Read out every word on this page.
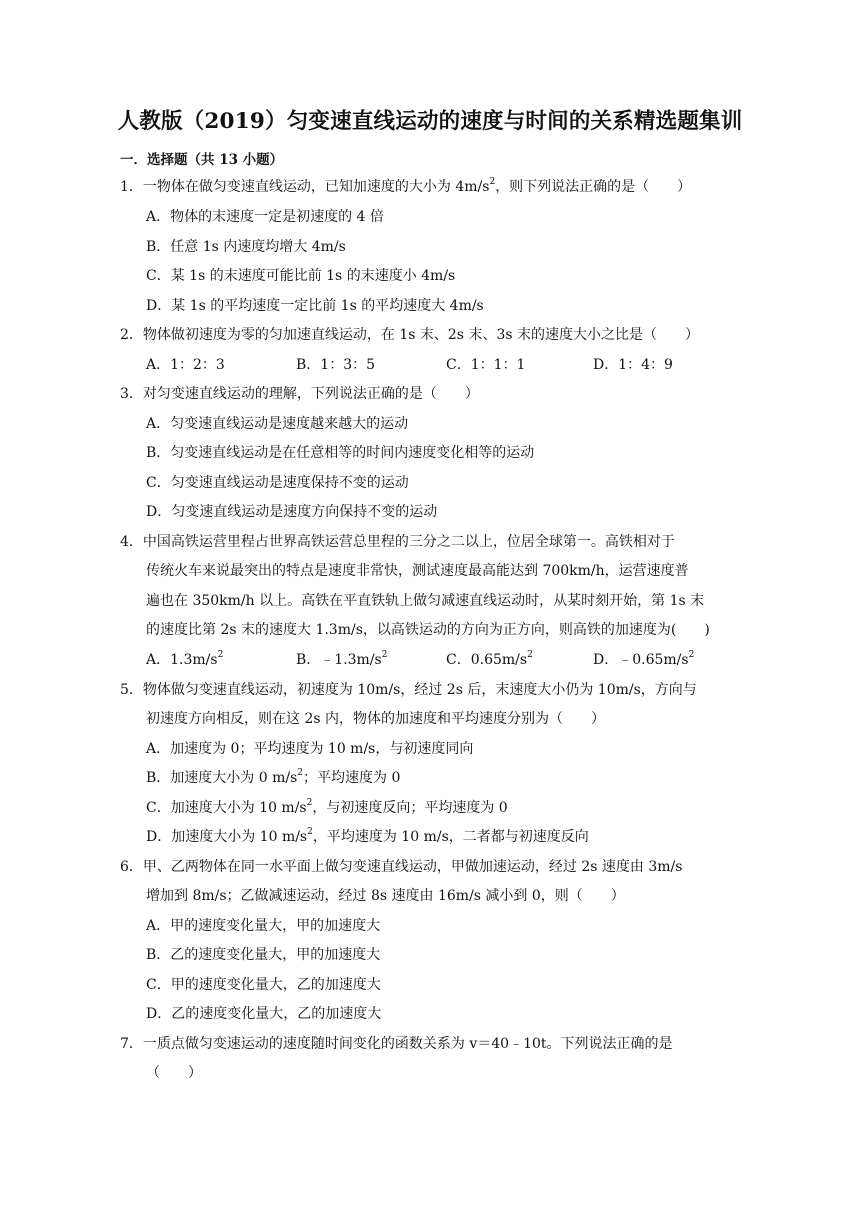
人教版（2019）匀变速直线运动的速度与时间的关系精选题集训
一．选择题（共 13 小题）
1．一物体在做匀变速直线运动，已知加速度的大小为 $4m/s^2$，则下列说法正确的是（　　）
A．物体的末速度一定是初速度的 4 倍
B．任意 1s 内速度均增大 4m/s
C．某 1s 的末速度可能比前 1s 的末速度小 4m/s
D．某 1s 的平均速度一定比前 1s 的平均速度大 4m/s
2．物体做初速度为零的匀加速直线运动，在 1s 末、2s 末、3s 末的速度大小之比是（　　）
A．1：2：3	B．1：3：5	C．1：1：1	D．1：4：9
3．对匀变速直线运动的理解，下列说法正确的是（　　）
A．匀变速直线运动是速度越来越大的运动
B．匀变速直线运动是在任意相等的时间内速度变化相等的运动
C．匀变速直线运动是速度保持不变的运动
D．匀变速直线运动是速度方向保持不变的运动
4．中国高铁运营里程占世界高铁运营总里程的三分之二以上，位居全球第一。高铁相对于
传统火车来说最突出的特点是速度非常快，测试速度最高能达到 700km/h，运营速度普
遍也在 350km/h 以上。高铁在平直铁轨上做匀减速直线运动时，从某时刻开始，第 1s 末
的速度比第 2s 末的速度大 1.3m/s，以高铁运动的方向为正方向，则高铁的加速度为(　　)
A．$1.3m/s^2$	B．$﹣1.3m/s^2$	C．$0.65m/s^2$	D．$﹣0.65m/s^2$
5．物体做匀变速直线运动，初速度为 10m/s，经过 2s 后，末速度大小仍为 10m/s，方向与
初速度方向相反，则在这 2s 内，物体的加速度和平均速度分别为（　　）
A．加速度为 0；平均速度为 10 m/s，与初速度同向
B．加速度大小为 0 $m/s^2$；平均速度为 0
C．加速度大小为 10 $m/s^2$，与初速度反向；平均速度为 0
D．加速度大小为 10 $m/s^2$，平均速度为 10 m/s，二者都与初速度反向
6．甲、乙两物体在同一水平面上做匀变速直线运动，甲做加速运动，经过 2s 速度由 3m/s
增加到 8m/s；乙做减速运动，经过 8s 速度由 16m/s 减小到 0，则（　　）
A．甲的速度变化量大，甲的加速度大
B．乙的速度变化量大，甲的加速度大
C．甲的速度变化量大，乙的加速度大
D．乙的速度变化量大，乙的加速度大
7．一质点做匀变速运动的速度随时间变化的函数关系为 v＝40﹣10t。下列说法正确的是
（　　）
